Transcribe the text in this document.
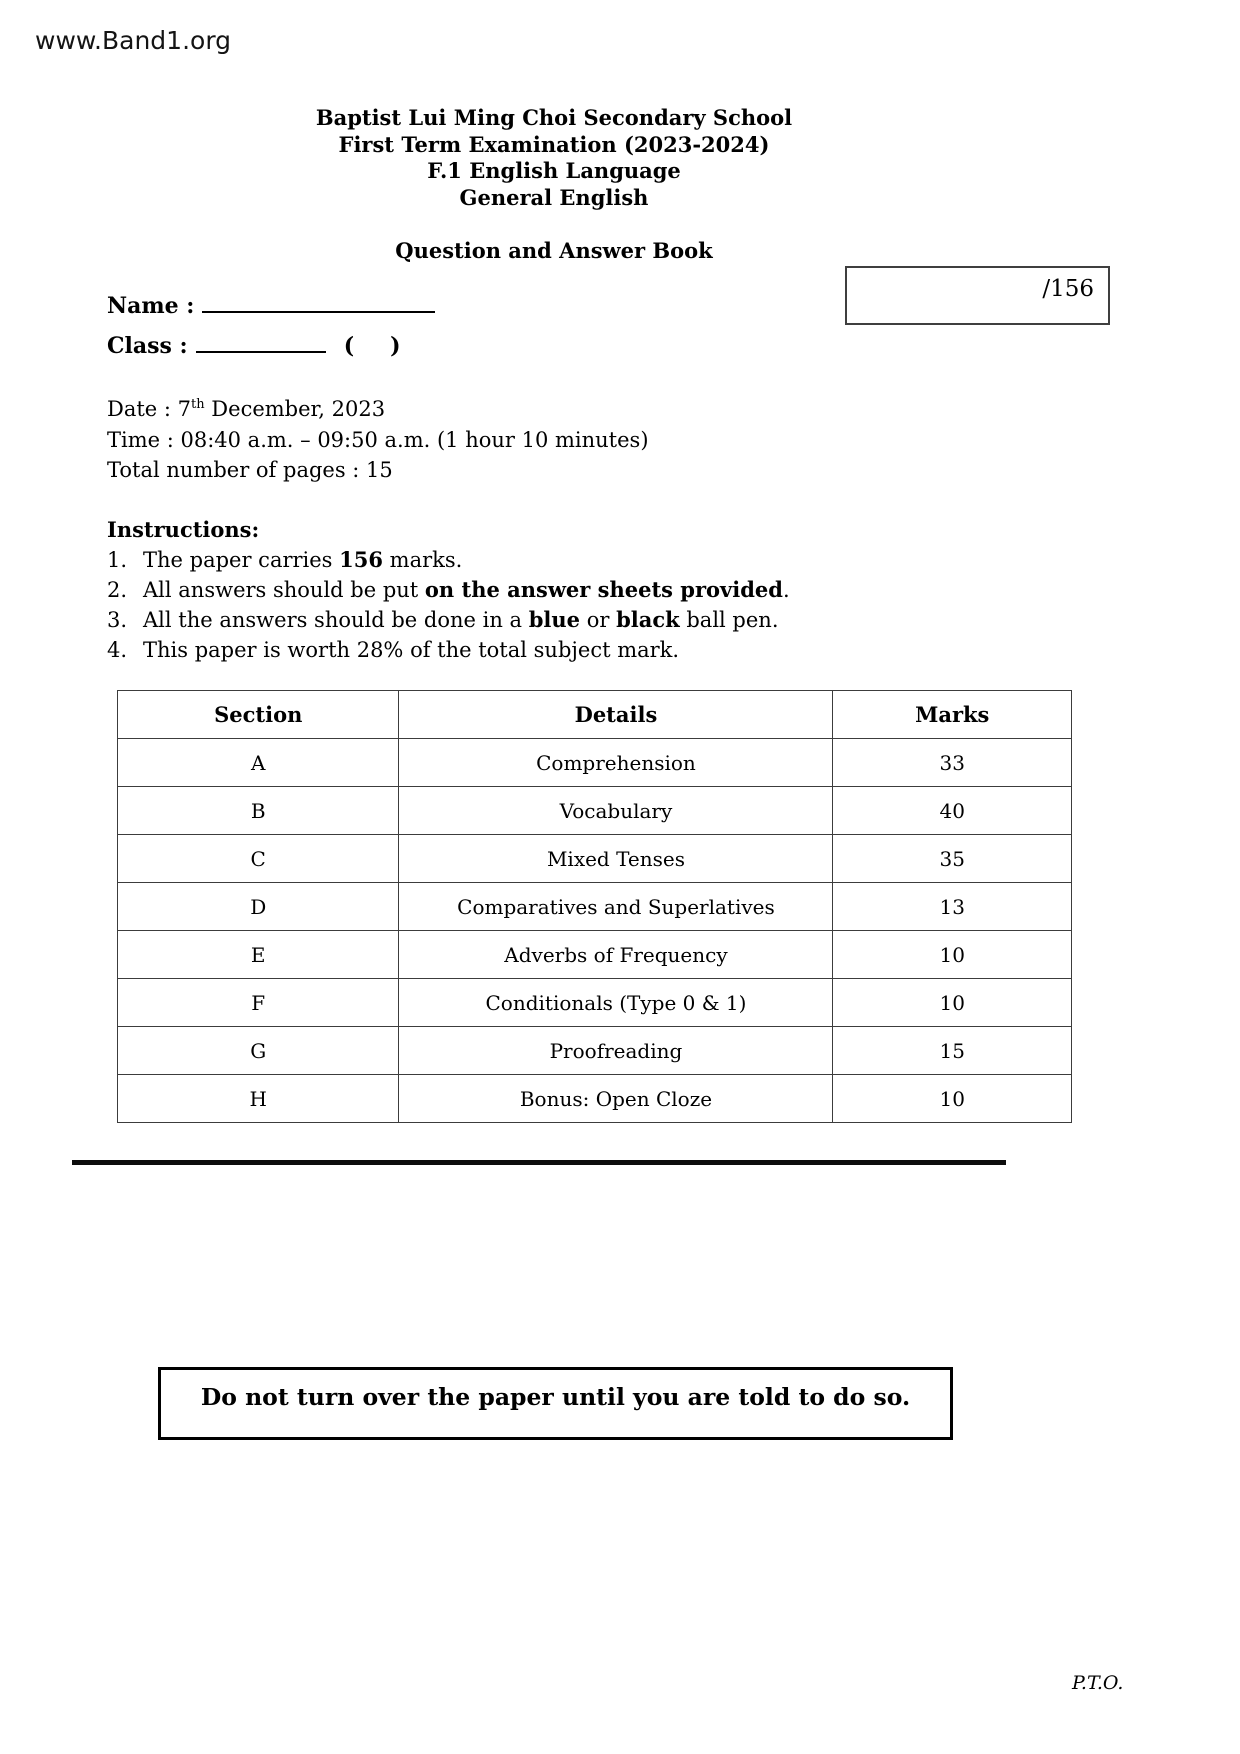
www.Band1.org
Baptist Lui Ming Choi Secondary School
First Term Examination (2023-2024)
F.1 English Language
General English
Question and Answer Book
/156
Name :
Class :	( )
Date : 7th December, 2023
Time : 08:40 a.m. – 09:50 a.m. (1 hour 10 minutes)
Total number of pages : 15
Instructions:
1. The paper carries 156 marks.
2. All answers should be put on the answer sheets provided.
3. All the answers should be done in a blue or black ball pen.
4. This paper is worth 28% of the total subject mark.
Section	Details	Marks
A	Comprehension	33
B	Vocabulary	40
C	Mixed Tenses	35
D	Comparatives and Superlatives	13
E	Adverbs of Frequency	10
F	Conditionals (Type 0 & 1)	10
G	Proofreading	15
H	Bonus: Open Cloze	10
Do not turn over the paper until you are told to do so.
P.T.O.
